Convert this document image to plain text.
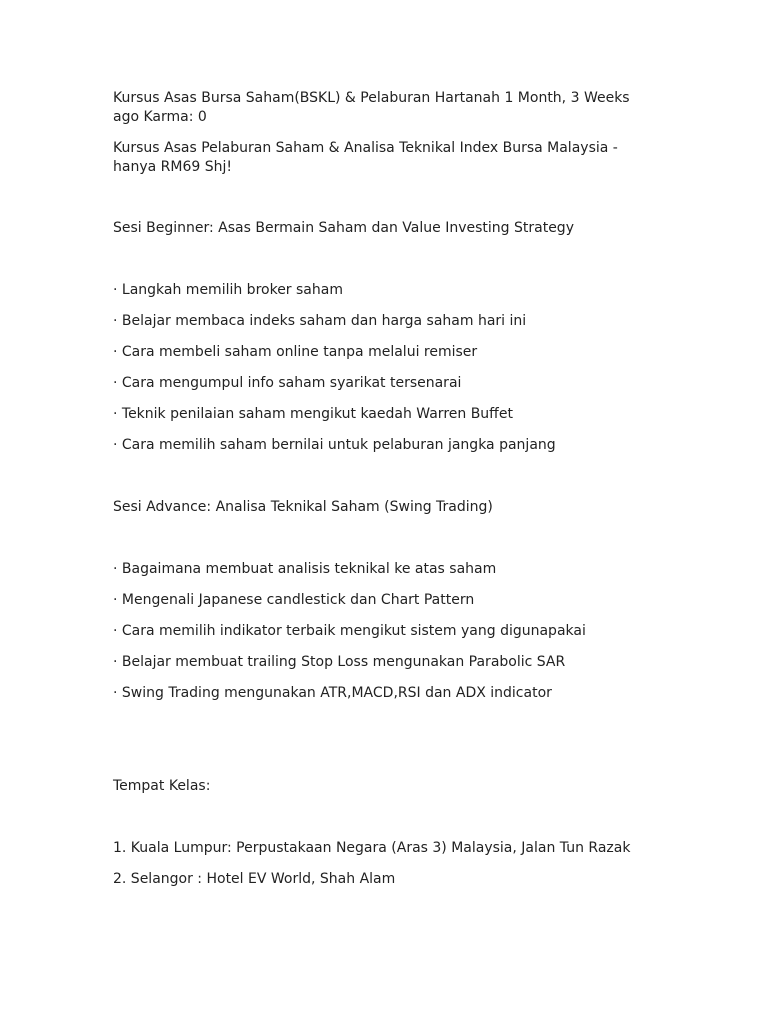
Kursus Asas Bursa Saham(BSKL) & Pelaburan Hartanah 1 Month, 3 Weeks
ago Karma: 0
Kursus Asas Pelaburan Saham & Analisa Teknikal Index Bursa Malaysia -
hanya RM69 Shj!
Sesi Beginner: Asas Bermain Saham dan Value Investing Strategy
· Langkah memilih broker saham
· Belajar membaca indeks saham dan harga saham hari ini
· Cara membeli saham online tanpa melalui remiser
· Cara mengumpul info saham syarikat tersenarai
· Teknik penilaian saham mengikut kaedah Warren Buffet
· Cara memilih saham bernilai untuk pelaburan jangka panjang
Sesi Advance: Analisa Teknikal Saham (Swing Trading)
· Bagaimana membuat analisis teknikal ke atas saham
· Mengenali Japanese candlestick dan Chart Pattern
· Cara memilih indikator terbaik mengikut sistem yang digunapakai
· Belajar membuat trailing Stop Loss mengunakan Parabolic SAR
· Swing Trading mengunakan ATR,MACD,RSI dan ADX indicator
Tempat Kelas:
1. Kuala Lumpur: Perpustakaan Negara (Aras 3) Malaysia, Jalan Tun Razak
2. Selangor : Hotel EV World, Shah Alam
